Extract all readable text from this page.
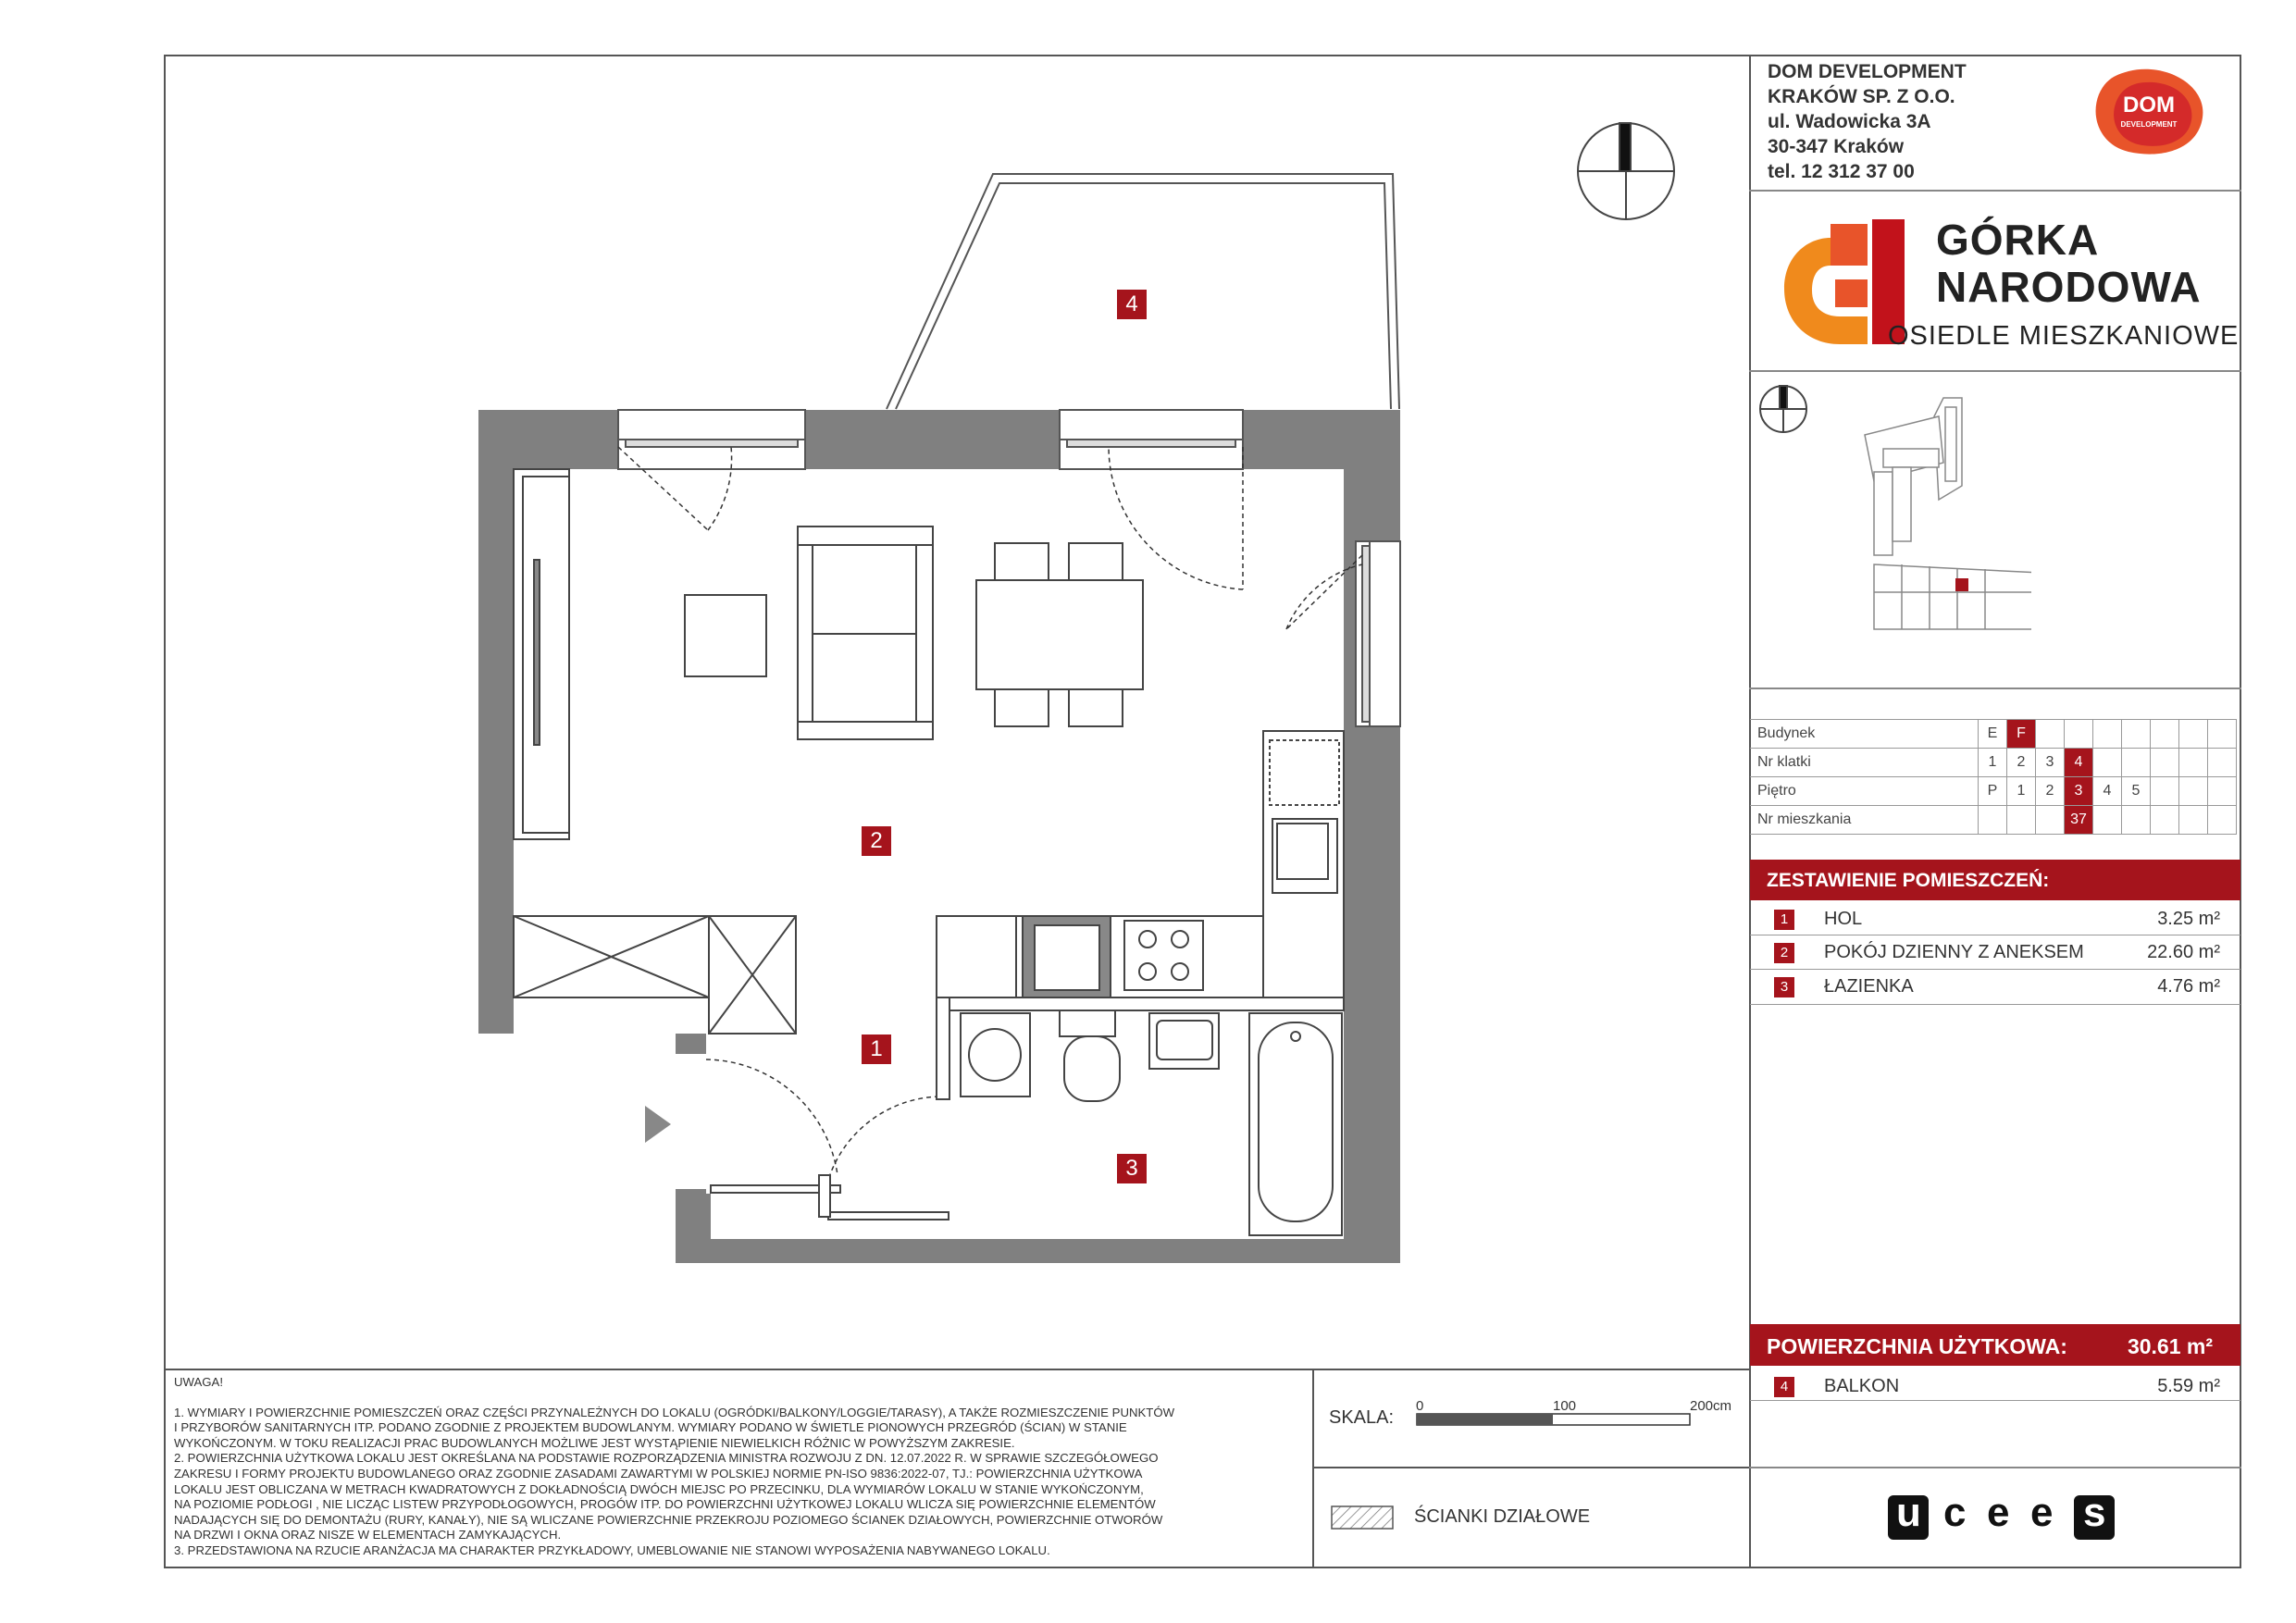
4
2
1
3
DOM DEVELOPMENT
KRAKÓW SP. Z O.O.
ul. Wadowicka 3A
30-347 Kraków
tel. 12 312 37 00
DOM
DEVELOPMENT
GÓRKA
NARODOWA
OSIEDLE MIESZKANIOWE
Budynek	E	F							
Nr klatki	1	2	3	4					
Piętro	P	1	2	3	4	5			
Nr mieszkania				37					
ZESTAWIENIE POMIESZCZEŃ:
1	HOL	3.25 m²
2	POKÓJ DZIENNY Z ANEKSEM	22.60 m²
3	ŁAZIENKA	4.76 m²
POWIERZCHNIA UŻYTKOWA:	30.61 m²
4	BALKON	5.59 m²
u c e e s
UWAGA!
1. WYMIARY I POWIERZCHNIE POMIESZCZEŃ ORAZ CZĘŚCI PRZYNALEŻNYCH DO LOKALU (OGRÓDKI/BALKONY/LOGGIE/TARASY), A TAKŻE ROZMIESZCZENIE PUNKTÓW
I PRZYBORÓW SANITARNYCH ITP. PODANO ZGODNIE Z PROJEKTEM BUDOWLANYM. WYMIARY PODANO W ŚWIETLE PIONOWYCH PRZEGRÓD (ŚCIAN) W STANIE
WYKOŃCZONYM. W TOKU REALIZACJI PRAC BUDOWLANYCH MOŻLIWE JEST WYSTĄPIENIE NIEWIELKICH RÓŻNIC W POWYŻSZYM ZAKRESIE.
2. POWIERZCHNIA UŻYTKOWA LOKALU JEST OKREŚLANA NA PODSTAWIE ROZPORZĄDZENIA MINISTRA ROZWOJU Z DN. 12.07.2022 R. W SPRAWIE SZCZEGÓŁOWEGO
ZAKRESU I FORMY PROJEKTU BUDOWLANEGO ORAZ ZGODNIE ZASADAMI ZAWARTYMI W POLSKIEJ NORMIE PN-ISO 9836:2022-07, TJ.: POWIERZCHNIA UŻYTKOWA
LOKALU JEST OBLICZANA W METRACH KWADRATOWYCH Z DOKŁADNOŚCIĄ DWÓCH MIEJSC PO PRZECINKU, DLA WYMIARÓW LOKALU W STANIE WYKOŃCZONYM,
NA POZIOMIE PODŁOGI , NIE LICZĄC LISTEW PRZYPODŁOGOWYCH, PROGÓW ITP. DO POWIERZCHNI UŻYTKOWEJ LOKALU WLICZA SIĘ POWIERZCHNIE ELEMENTÓW
NADAJĄCYCH SIĘ DO DEMONTAŻU (RURY, KANAŁY), NIE SĄ WLICZANE POWIERZCHNIE PRZEKROJU POZIOMEGO ŚCIANEK DZIAŁOWYCH, POWIERZCHNIE OTWORÓW
NA DRZWI I OKNA ORAZ NISZE W ELEMENTACH ZAMYKAJĄCYCH.
3. PRZEDSTAWIONA NA RZUCIE ARANŻACJA MA CHARAKTER PRZYKŁADOWY, UMEBLOWANIE NIE STANOWI WYPOSAŻENIA NABYWANEGO LOKALU.
SKALA:
0	100	200cm
ŚCIANKI DZIAŁOWE
